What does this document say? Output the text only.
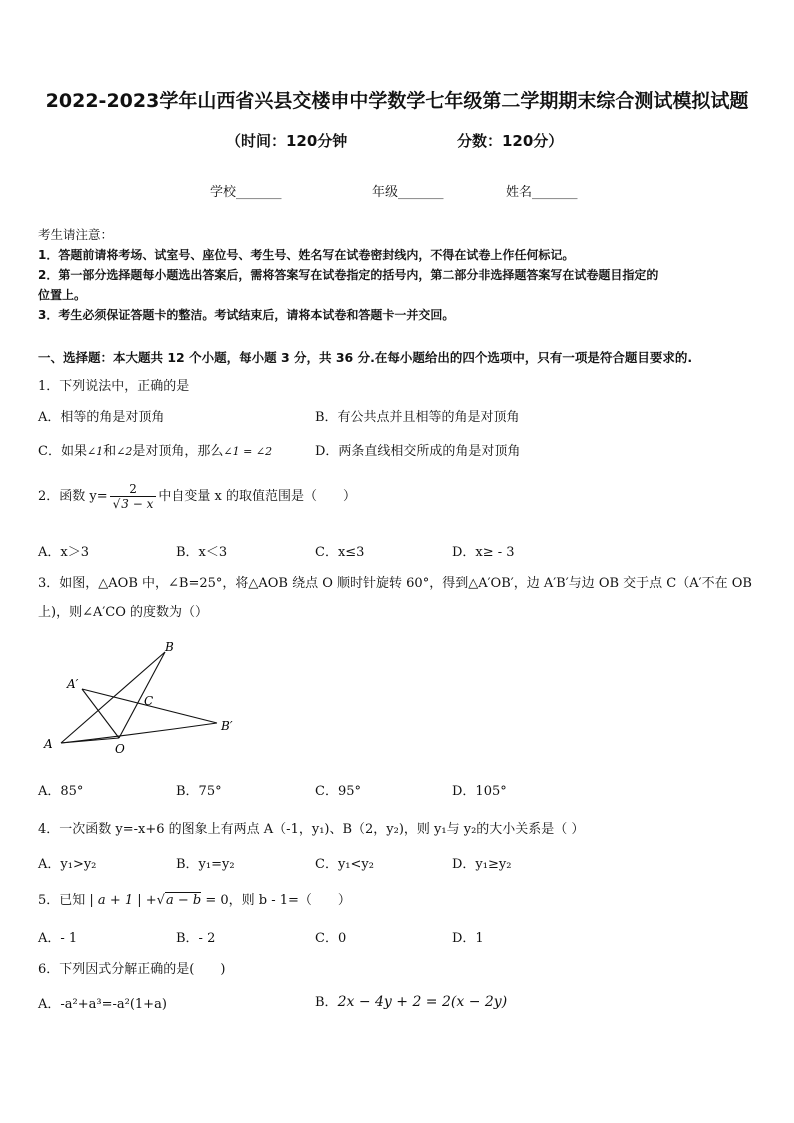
2022-2023学年山西省兴县交楼申中学数学七年级第二学期期末综合测试模拟试题
（时间：120分钟	分数：120分）
学校_______	年级_______	姓名_______
考生请注意：
1．答题前请将考场、试室号、座位号、考生号、姓名写在试卷密封线内，不得在试卷上作任何标记。
2．第一部分选择题每小题选出答案后，需将答案写在试卷指定的括号内，第二部分非选择题答案写在试卷题目指定的
位置上。
3．考生必须保证答题卡的整洁。考试结束后，请将本试卷和答题卡一并交回。
一、选择题：本大题共 12 个小题，每小题 3 分，共 36 分.在每小题给出的四个选项中，只有一项是符合题目要求的.
1．下列说法中，正确的是
A．相等的角是对顶角	B．有公共点并且相等的角是对顶角
C．如果∠1和∠2是对顶角，那么∠1 = ∠2	D．两条直线相交所成的角是对顶角
2．函数 $y= \frac{2}{√3 - x}$ 中自变量 x 的取值范围是（　　）
A．x＞3	B．x＜3	C．x≤3	D．x≥ - 3
3．如图，△AOB 中，∠B=25°，将△AOB 绕点 O 顺时针旋转 60°，得到△A′OB′，边 A′B′与边 OB 交于点 C（A′不在 OB
上)，则∠A′CO 的度数为（）
B
A′
C
B′
A	O
A．85°	B．75°	C．95°	D．105°
4．一次函数 y=-x+6 的图象上有两点 A（-1，y₁)、B（2，y₂)，则 y₁与 y₂的大小关系是（ ）
A．y₁>y₂	B．y₁=y₂	C．y₁<y₂	D．y₁≥y₂
5．已知 | a + 1 | +√a − b = 0，则 b - 1=（　　）
A．- 1	B．- 2	C．0	D．1
6．下列因式分解正确的是(　　)
A．-a²+a³=-a²(1+a)	B．2x − 4y + 2 = 2(x − 2y)
